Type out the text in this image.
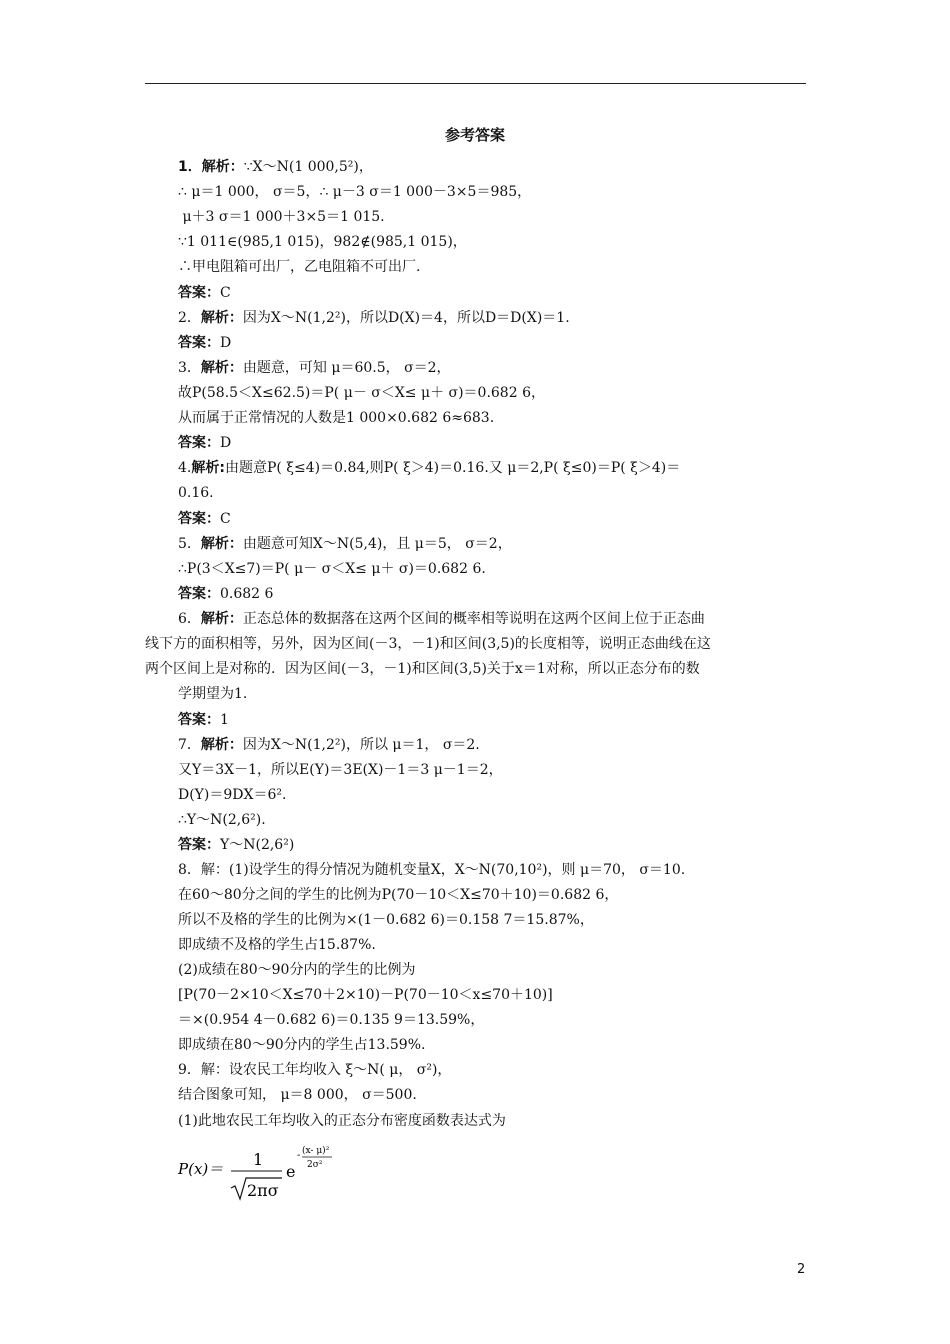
参考答案
1．解析：∵X～N(1 000,5²)，
∴ μ＝1 000， σ＝5，∴ μ－3 σ＝1 000－3×5＝985，
μ＋3 σ＝1 000＋3×5＝1 015.
∵1 011∈(985,1 015)，982∉(985,1 015)，
∴甲电阻箱可出厂，乙电阻箱不可出厂.
答案：C
2．解析：因为X～N(1,2²)，所以D(X)＝4，所以D＝D(X)＝1.
答案：D
3．解析：由题意，可知 μ＝60.5， σ＝2，
故P(58.5＜X≤62.5)＝P( μ－ σ＜X≤ μ＋ σ)＝0.682 6，
从而属于正常情况的人数是1 000×0.682 6≈683.
答案：D
4.解析:由题意P( ξ≤4)＝0.84,则P( ξ＞4)＝0.16.又 μ＝2,P( ξ≤0)＝P( ξ＞4)＝
0.16.
答案：C
5．解析：由题意可知X～N(5,4)，且 μ＝5， σ＝2，
∴P(3＜X≤7)＝P( μ－ σ＜X≤ μ＋ σ)＝0.682 6.
答案：0.682 6
6．解析：正态总体的数据落在这两个区间的概率相等说明在这两个区间上位于正态曲
线下方的面积相等，另外，因为区间(－3，－1)和区间(3,5)的长度相等，说明正态曲线在这
两个区间上是对称的．因为区间(－3，－1)和区间(3,5)关于x＝1对称，所以正态分布的数
学期望为1.
答案：1
7．解析：因为X～N(1,2²)，所以 μ＝1， σ＝2.
又Y＝3X－1，所以E(Y)＝3E(X)－1＝3 μ－1＝2，
D(Y)＝9DX＝6².
∴Y～N(2,6²).
答案：Y～N(2,6²)
8．解：(1)设学生的得分情况为随机变量X，X～N(70,10²)，则 μ＝70， σ＝10.
在60～80分之间的学生的比例为P(70－10＜X≤70＋10)＝0.682 6，
所以不及格的学生的比例为×(1－0.682 6)＝0.158 7＝15.87%，
即成绩不及格的学生占15.87%.
(2)成绩在80～90分内的学生的比例为
[P(70－2×10＜X≤70＋2×10)－P(70－10＜x≤70＋10)]
＝×(0.954 4－0.682 6)＝0.135 9＝13.59%，
即成绩在80～90分内的学生占13.59%.
9．解：设农民工年均收入 ξ～N( μ， σ²)，
结合图象可知， μ＝8 000， σ＝500.
(1)此地农民工年均收入的正态分布密度函数表达式为
P(x)＝ 1
2πσ
e
- (x- μ)²
2σ²
2
